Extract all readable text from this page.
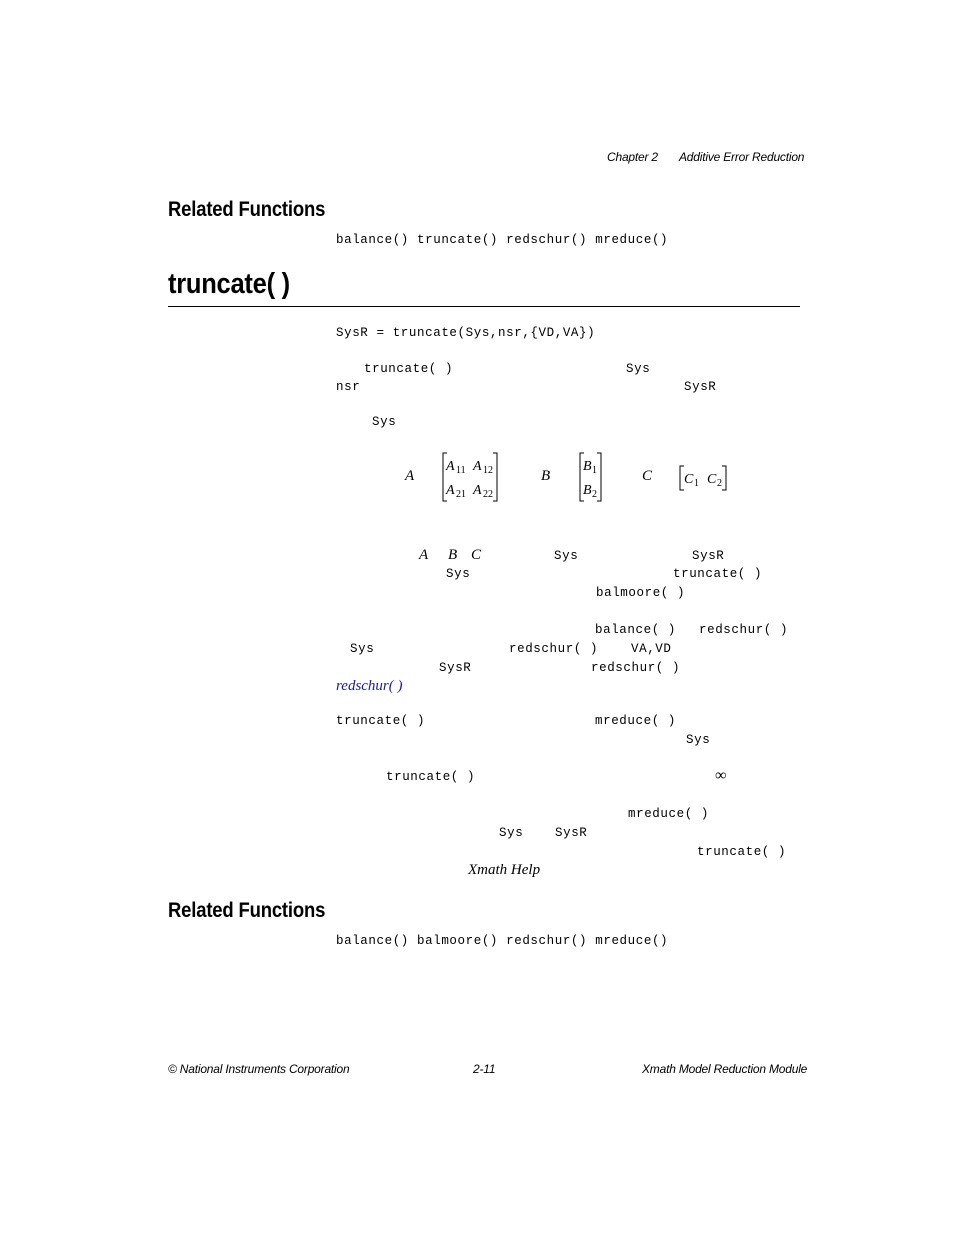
Chapter 2 Additive Error Reduction
Related Functions
balance() truncate() redschur() mreduce()
truncate( )
SysR = truncate(Sys,nsr,{VD,VA})
truncate( )	Sys
nsr	SysR
Sys
A
A 11 A 12
A 21 A 22
B
B 1
B 2
C C 1 C 2
A B C	Sys	SysR
Sys	truncate( )
balmoore( )
balance( ) redschur( )
Sys	redschur( )	VA,VD
SysR	redschur( )
redschur( )
truncate( )	mreduce( )
Sys
truncate( )	∞
mreduce( )
Sys	SysR
truncate( )
Xmath Help
Related Functions
balance() balmoore() redschur() mreduce()
© National Instruments Corporation	2-11	Xmath Model Reduction Module
